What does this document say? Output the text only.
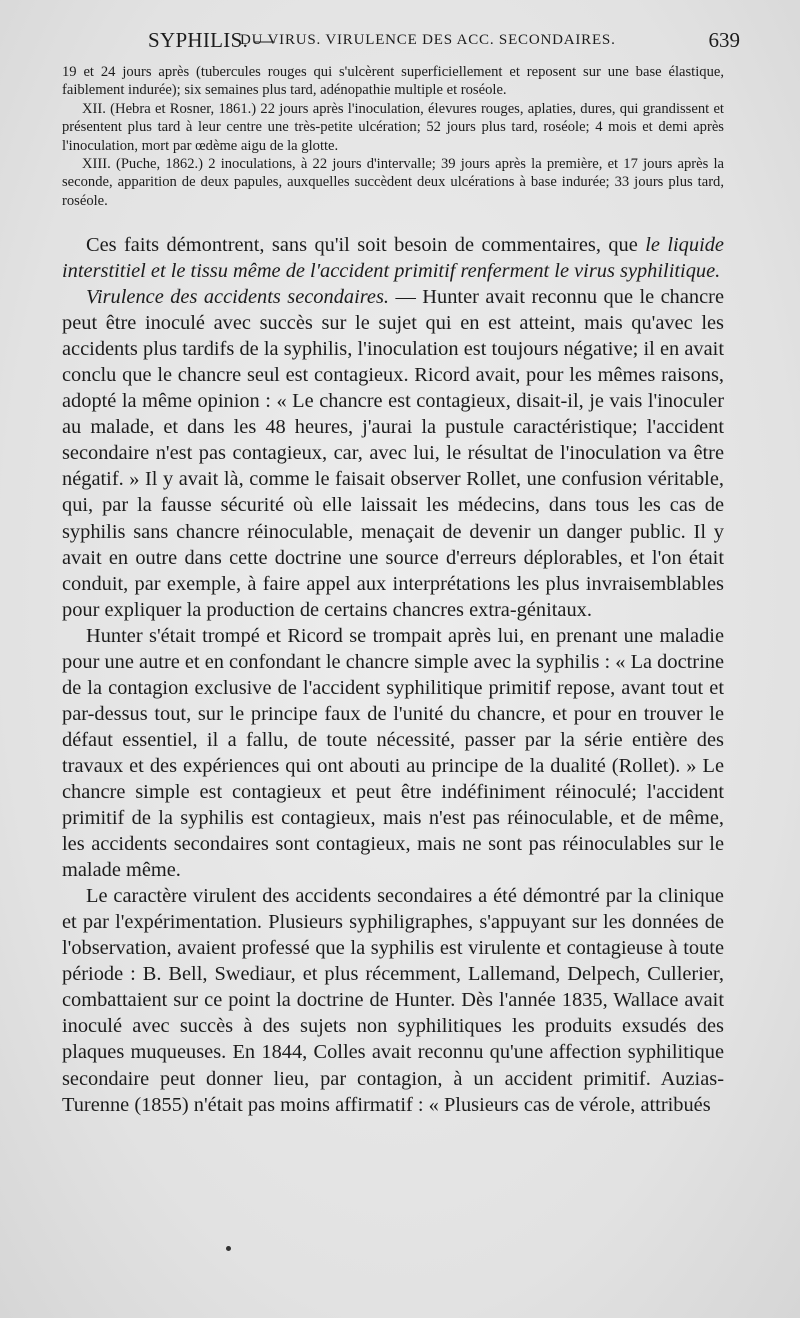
SYPHILIS. —
DU VIRUS. VIRULENCE DES ACC. SECONDAIRES.	639

19 et 24 jours après (tubercules rouges qui s'ulcèrent superficiellement et reposent sur une base élastique, faiblement indurée); six semaines plus tard, adénopathie multiple et roséole.

XII. (Hebra et Rosner, 1861.) 22 jours après l'inoculation, élevures rouges, aplaties, dures, qui grandissent et présentent plus tard à leur centre une très-petite ulcération; 52 jours plus tard, roséole; 4 mois et demi après l'inoculation, mort par œdème aigu de la glotte.

XIII. (Puche, 1862.) 2 inoculations, à 22 jours d'intervalle; 39 jours après la première, et 17 jours après la seconde, apparition de deux papules, auxquelles succèdent deux ulcérations à base indurée; 33 jours plus tard, roséole.

Ces faits démontrent, sans qu'il soit besoin de commentaires, que le liquide interstitiel et le tissu même de l'accident primitif renferment le virus syphilitique.

Virulence des accidents secondaires. — Hunter avait reconnu que le chancre peut être inoculé avec succès sur le sujet qui en est atteint, mais qu'avec les accidents plus tardifs de la syphilis, l'inoculation est toujours négative; il en avait conclu que le chancre seul est contagieux. Ricord avait, pour les mêmes raisons, adopté la même opinion : « Le chancre est contagieux, disait-il, je vais l'inoculer au malade, et dans les 48 heures, j'aurai la pustule caractéristique; l'accident secondaire n'est pas contagieux, car, avec lui, le résultat de l'inoculation va être négatif. » Il y avait là, comme le faisait observer Rollet, une confusion véritable, qui, par la fausse sécurité où elle laissait les médecins, dans tous les cas de syphilis sans chancre réinoculable, menaçait de devenir un danger public. Il y avait en outre dans cette doctrine une source d'erreurs déplorables, et l'on était conduit, par exemple, à faire appel aux interprétations les plus invraisemblables pour expliquer la production de certains chancres extra-génitaux.

Hunter s'était trompé et Ricord se trompait après lui, en prenant une maladie pour une autre et en confondant le chancre simple avec la syphilis : « La doctrine de la contagion exclusive de l'accident syphilitique primitif repose, avant tout et par-dessus tout, sur le principe faux de l'unité du chancre, et pour en trouver le défaut essentiel, il a fallu, de toute nécessité, passer par la série entière des travaux et des expériences qui ont abouti au principe de la dualité (Rollet). » Le chancre simple est contagieux et peut être indéfiniment réinoculé; l'accident primitif de la syphilis est contagieux, mais n'est pas réinoculable, et de même, les accidents secondaires sont contagieux, mais ne sont pas réinoculables sur le malade même.

Le caractère virulent des accidents secondaires a été démontré par la clinique et par l'expérimentation. Plusieurs syphiligraphes, s'appuyant sur les données de l'observation, avaient professé que la syphilis est virulente et contagieuse à toute période : B. Bell, Swediaur, et plus récemment, Lallemand, Delpech, Cullerier, combattaient sur ce point la doctrine de Hunter. Dès l'année 1835, Wallace avait inoculé avec succès à des sujets non syphilitiques les produits exsudés des plaques muqueuses. En 1844, Colles avait reconnu qu'une affection syphilitique secondaire peut donner lieu, par contagion, à un accident primitif. Auzias-Turenne (1855) n'était pas moins affirmatif : « Plusieurs cas de vérole, attribués
